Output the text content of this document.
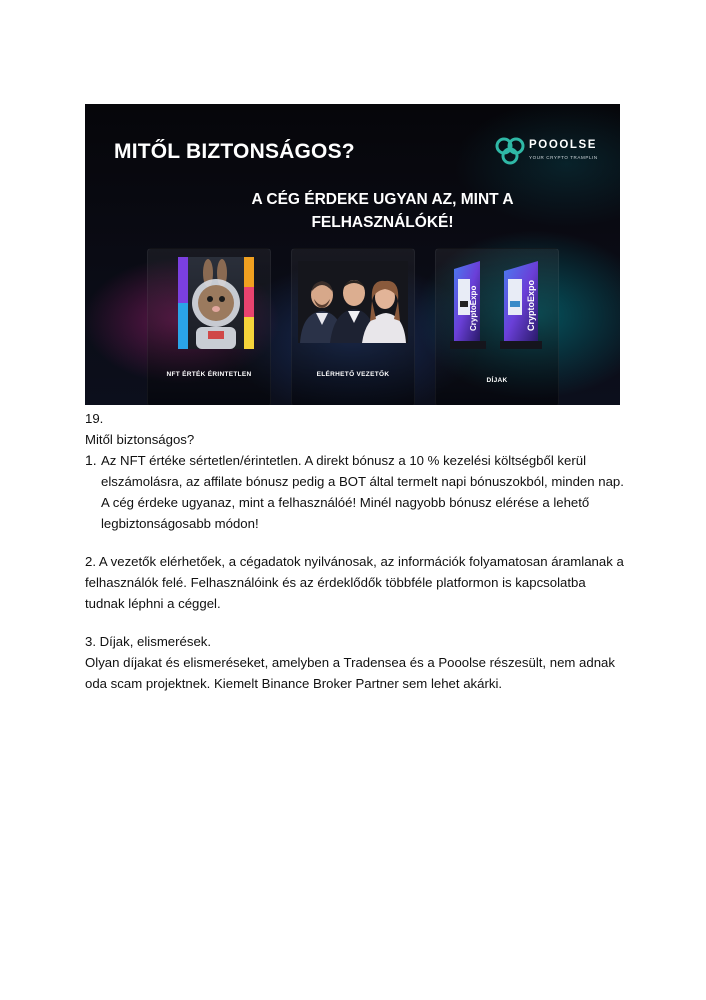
MITŐL BIZTONSÁGOS?	POOOLSE
YOUR CRYPTO TRAMPLIN
A CÉG ÉRDEKE UGYAN AZ, MINT A
FELHASZNÁLÓKÉ!
NFT ÉRTÉK ÉRINTETLEN	ELÉRHETŐ VEZETŐK
CryptoExpo	CryptoExpo
DÍJAK
19.
Mitől biztonságos?
1. Az NFT értéke sértetlen/érintetlen. A direkt bónusz a 10 % kezelési költségből kerül
elszámolásra, az affilate bónusz pedig a BOT által termelt napi bónuszokból, minden nap.
A cég érdeke ugyanaz, mint a felhasználóé! Minél nagyobb bónusz elérése a lehető
legbiztonságosabb módon!
2. A vezetők elérhetőek, a cégadatok nyilvánosak, az információk folyamatosan áramlanak a
felhasználók felé. Felhasználóink és az érdeklődők többféle platformon is kapcsolatba
tudnak léphni a céggel.
3. Díjak, elismerések.
Olyan díjakat és elismeréseket, amelyben a Tradensea és a Pooolse részesült, nem adnak
oda scam projektnek. Kiemelt Binance Broker Partner sem lehet akárki.
